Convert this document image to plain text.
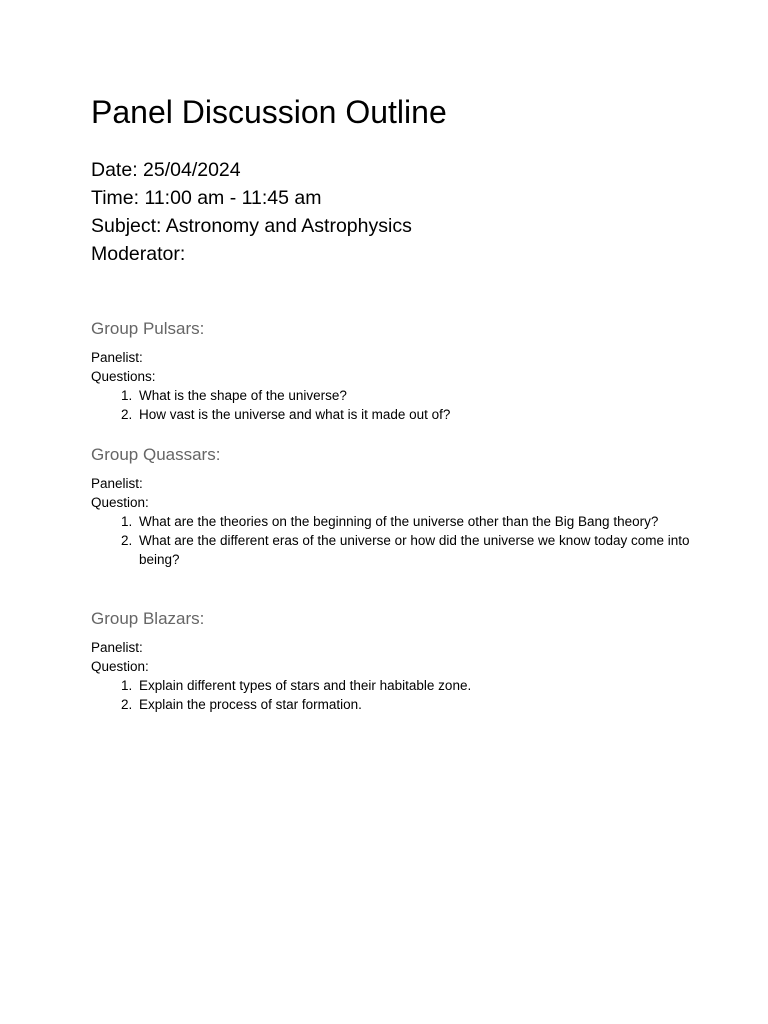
Panel Discussion Outline

Date: 25/04/2024

Time: 11:00 am - 11:45 am

Subject: Astronomy and Astrophysics

Moderator:

Group Pulsars:

Panelist:

Questions:

1. What is the shape of the universe?
2. How vast is the universe and what is it made out of?
Group Quassars:

Panelist:

Question:

1. What are the theories on the beginning of the universe other than the Big Bang theory?
2. What are the different eras of the universe or how did the universe we know today come into being?
Group Blazars:

Panelist:

Question:

1. Explain different types of stars and their habitable zone.
2. Explain the process of star formation.
